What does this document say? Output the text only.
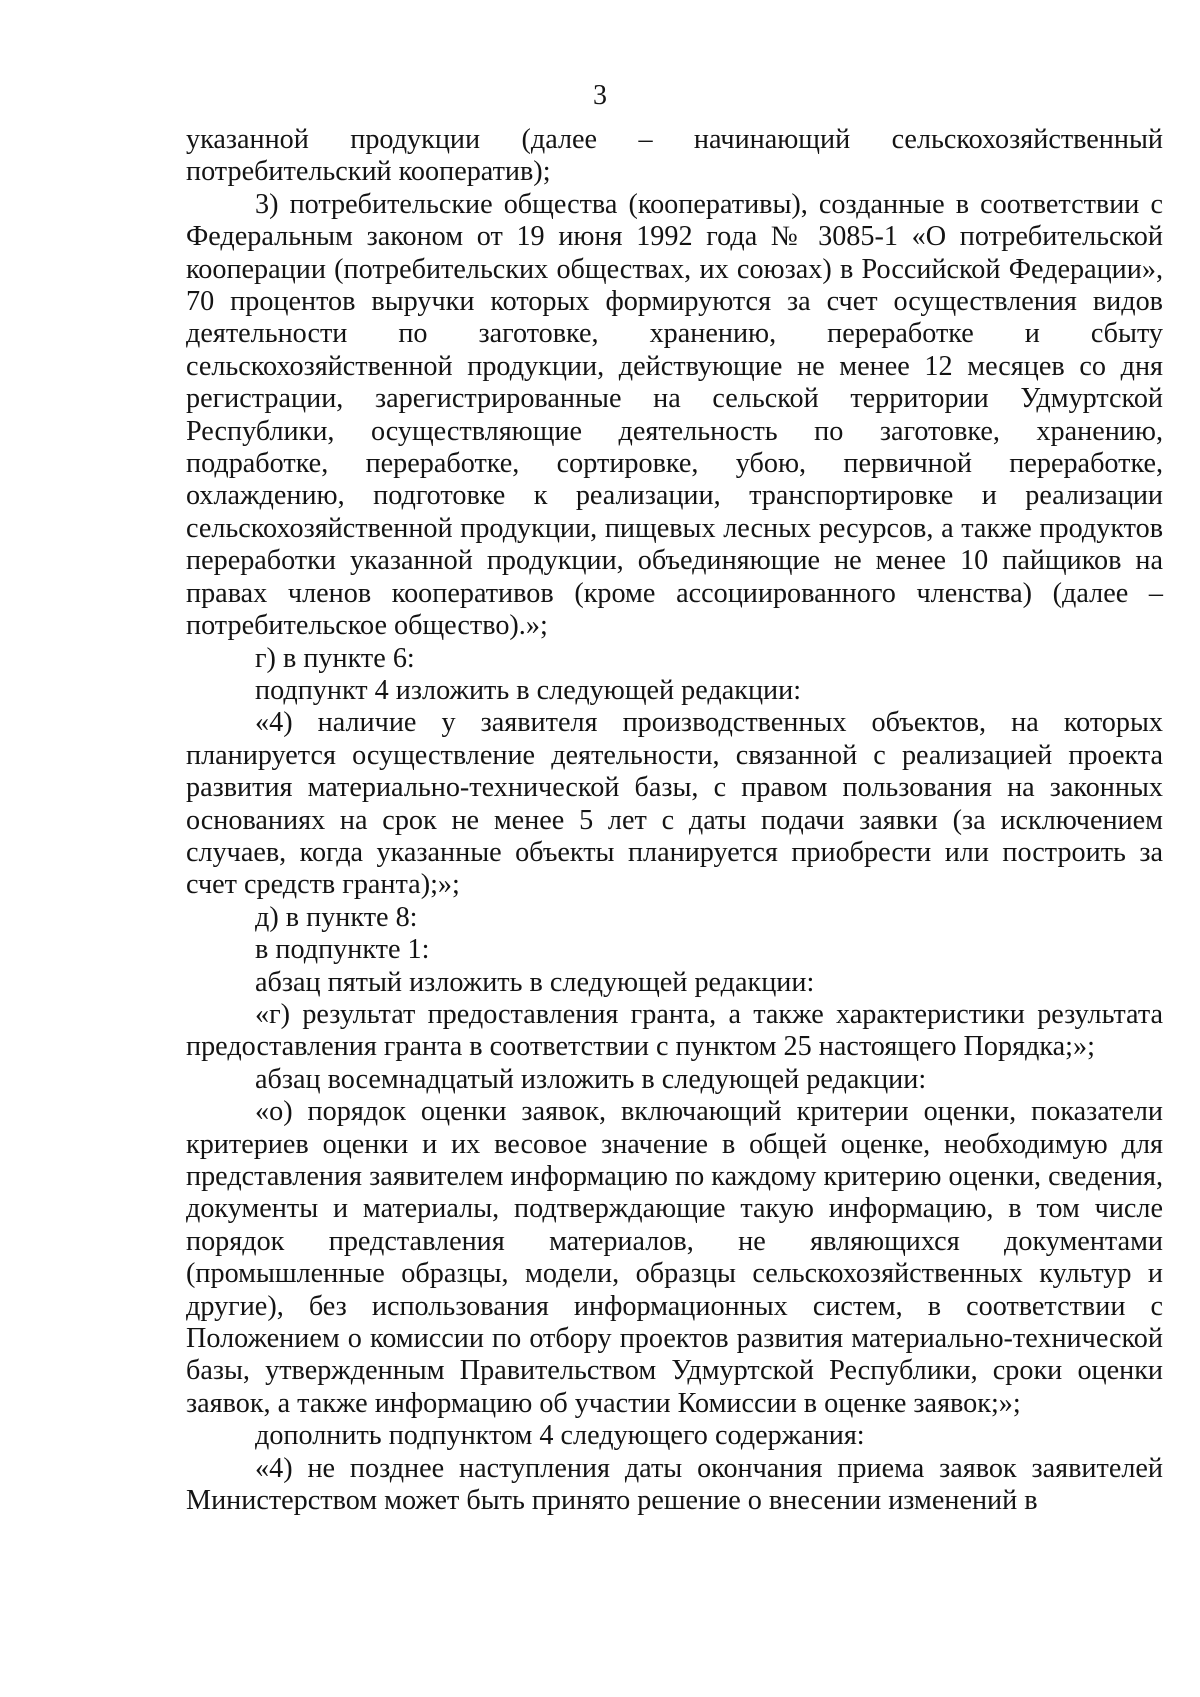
3

указанной продукции (далее – начинающий сельскохозяйственный потребительский кооператив);

3) потребительские общества (кооперативы), созданные в соответствии с Федеральным законом от 19 июня 1992 года № 3085-1 «О потребительской кооперации (потребительских обществах, их союзах) в Российской Федерации», 70 процентов выручки которых формируются за счет осуществления видов деятельности по заготовке, хранению, переработке и сбыту сельскохозяйственной продукции, действующие не менее 12 месяцев со дня регистрации, зарегистрированные на сельской территории Удмуртской Республики, осуществляющие деятельность по заготовке, хранению, подработке, переработке, сортировке, убою, первичной переработке, охлаждению, подготовке к реализации, транспортировке и реализации сельскохозяйственной продукции, пищевых лесных ресурсов, а также продуктов переработки указанной продукции, объединяющие не менее 10 пайщиков на правах членов кооперативов (кроме ассоциированного членства) (далее – потребительское общество).»;

г) в пункте 6:

подпункт 4 изложить в следующей редакции:

«4) наличие у заявителя производственных объектов, на которых планируется осуществление деятельности, связанной с реализацией проекта развития материально-технической базы, с правом пользования на законных основаниях на срок не менее 5 лет с даты подачи заявки (за исключением случаев, когда указанные объекты планируется приобрести или построить за счет средств гранта);»;

д) в пункте 8:

в подпункте 1:

абзац пятый изложить в следующей редакции:

«г) результат предоставления гранта, а также характеристики результата предоставления гранта в соответствии с пунктом 25 настоящего Порядка;»;

абзац восемнадцатый изложить в следующей редакции:

«о) порядок оценки заявок, включающий критерии оценки, показатели критериев оценки и их весовое значение в общей оценке, необходимую для представления заявителем информацию по каждому критерию оценки, сведения, документы и материалы, подтверждающие такую информацию, в том числе порядок представления материалов, не являющихся документами (промышленные образцы, модели, образцы сельскохозяйственных культур и другие), без использования информационных систем, в соответствии с Положением о комиссии по отбору проектов развития материально-технической базы, утвержденным Правительством Удмуртской Республики, сроки оценки заявок, а также информацию об участии Комиссии в оценке заявок;»;

дополнить подпунктом 4 следующего содержания:

«4) не позднее наступления даты окончания приема заявок заявителей Министерством может быть принято решение о внесении изменений в
